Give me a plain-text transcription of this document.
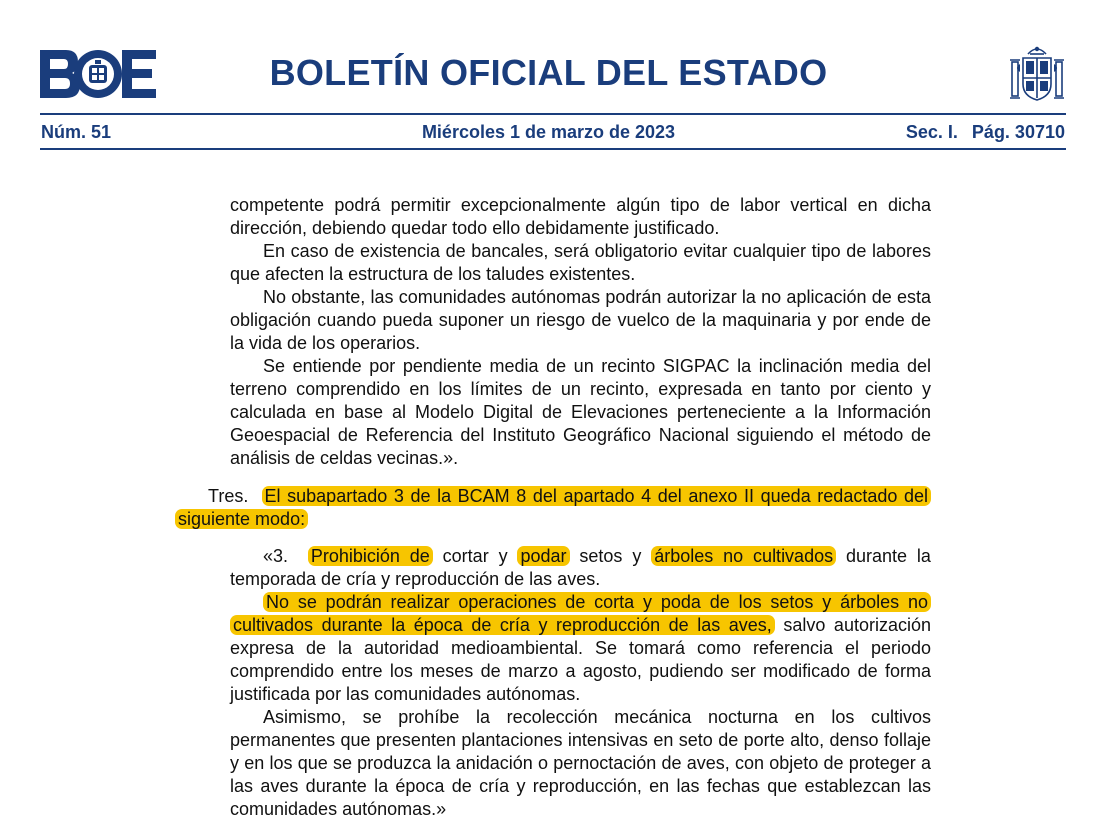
BOLETÍN OFICIAL DEL ESTADO
Núm. 51	Miércoles 1 de marzo de 2023	Sec. I. Pág. 30710

competente podrá permitir excepcionalmente algún tipo de labor vertical en dicha dirección, debiendo quedar todo ello debidamente justificado.

En caso de existencia de bancales, será obligatorio evitar cualquier tipo de labores que afecten la estructura de los taludes existentes.

No obstante, las comunidades autónomas podrán autorizar la no aplicación de esta obligación cuando pueda suponer un riesgo de vuelco de la maquinaria y por ende de la vida de los operarios.

Se entiende por pendiente media de un recinto SIGPAC la inclinación media del terreno comprendido en los límites de un recinto, expresada en tanto por ciento y calculada en base al Modelo Digital de Elevaciones perteneciente a la Información Geoespacial de Referencia del Instituto Geográfico Nacional siguiendo el método de análisis de celdas vecinas.».

Tres. El subapartado 3 de la BCAM 8 del apartado 4 del anexo II queda redactado del siguiente modo:

«3. Prohibición de cortar y podar setos y árboles no cultivados durante la temporada de cría y reproducción de las aves.

No se podrán realizar operaciones de corta y poda de los setos y árboles no cultivados durante la época de cría y reproducción de las aves, salvo autorización expresa de la autoridad medioambiental. Se tomará como referencia el periodo comprendido entre los meses de marzo a agosto, pudiendo ser modificado de forma justificada por las comunidades autónomas.

Asimismo, se prohíbe la recolección mecánica nocturna en los cultivos permanentes que presenten plantaciones intensivas en seto de porte alto, denso follaje y en los que se produzca la anidación o pernoctación de aves, con objeto de proteger a las aves durante la época de cría y reproducción, en las fechas que establezcan las comunidades autónomas.»
